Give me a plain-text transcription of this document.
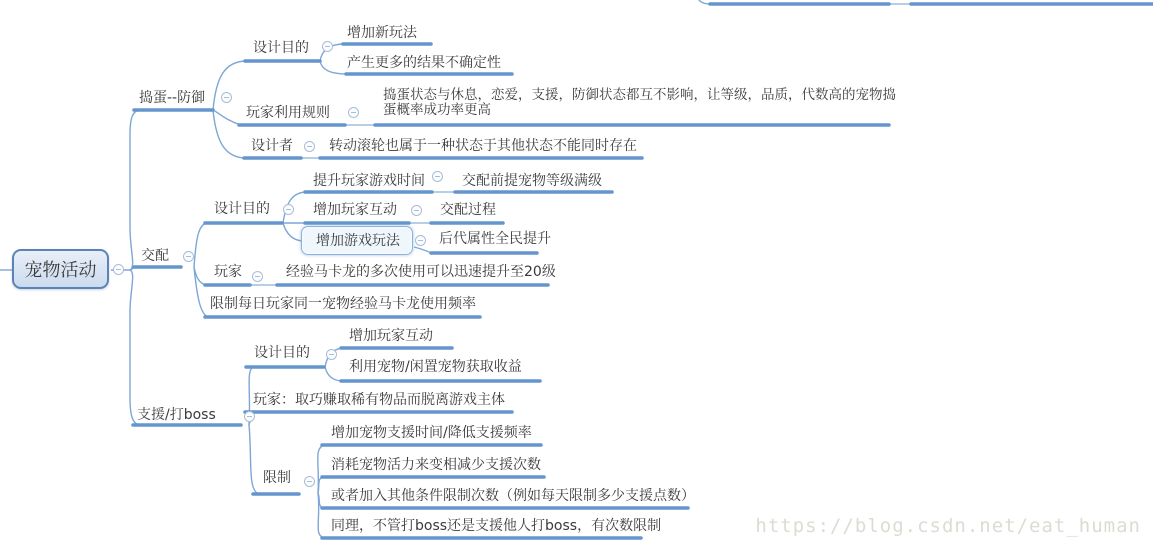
宠物活动
捣蛋--防御
设计目的
增加新玩法
产生更多的结果不确定性
玩家利用规则
捣蛋状态与休息，恋爱，支援，防御状态都互不影响，让等级，品质，代数高的宠物捣蛋概率成功率更高
设计者	转动滚轮也属于一种状态于其他状态不能同时存在
交配
设计目的
提升玩家游戏时间	交配前提宠物等级满级
增加玩家互动	交配过程
增加游戏玩法	后代属性全民提升
玩家	经验马卡龙的多次使用可以迅速提升至20级
限制每日玩家同一宠物经验马卡龙使用频率
支援/打boss
设计目的
增加玩家互动
利用宠物/闲置宠物获取收益
玩家：取巧赚取稀有物品而脱离游戏主体
限制
增加宠物支援时间/降低支援频率
消耗宠物活力来变相减少支援次数
或者加入其他条件限制次数（例如每天限制多少支援点数）
同理，不管打boss还是支援他人打boss，有次数限制	https://blog.csdn.net/eat_human
